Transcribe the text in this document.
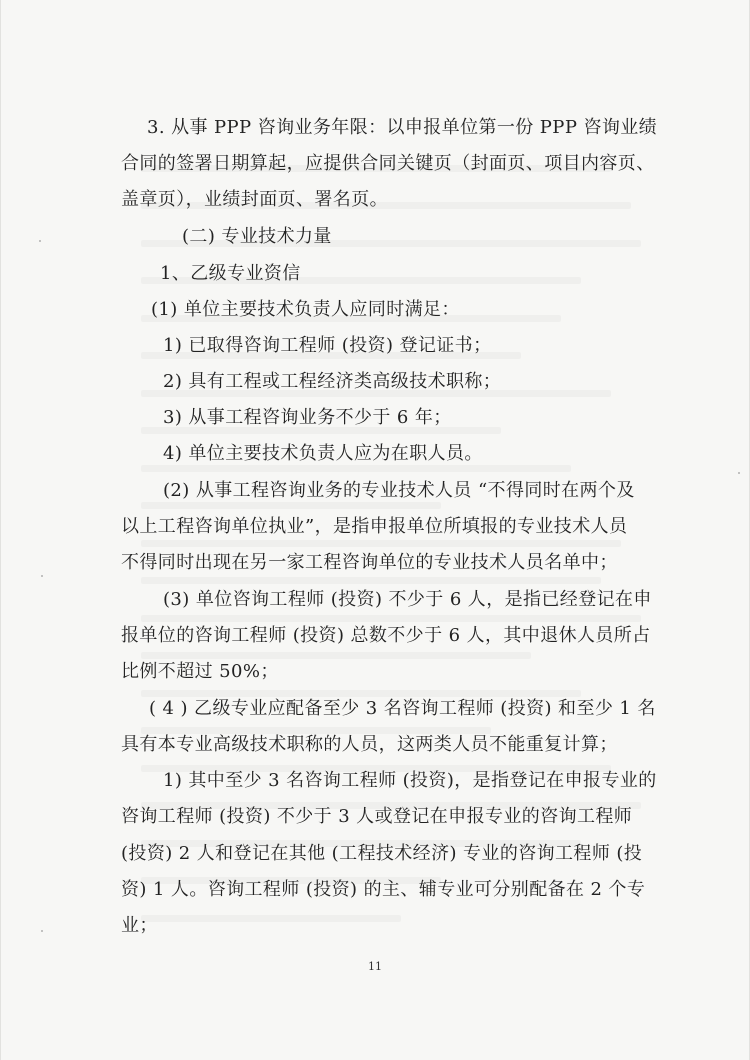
3. 从事 PPP 咨询业务年限：以申报单位第一份 PPP 咨询业绩
合同的签署日期算起，应提供合同关键页（封面页、项目内容页、
盖章页），业绩封面页、署名页。
(二) 专业技术力量
1、乙级专业资信
(1) 单位主要技术负责人应同时满足：
1) 已取得咨询工程师 (投资) 登记证书；
2) 具有工程或工程经济类高级技术职称；
3) 从事工程咨询业务不少于 6 年；
4) 单位主要技术负责人应为在职人员。
(2) 从事工程咨询业务的专业技术人员 “不得同时在两个及
以上工程咨询单位执业”，是指申报单位所填报的专业技术人员
不得同时出现在另一家工程咨询单位的专业技术人员名单中；
(3) 单位咨询工程师 (投资) 不少于 6 人，是指已经登记在申
报单位的咨询工程师 (投资) 总数不少于 6 人，其中退休人员所占
比例不超过 50%；
( 4 ) 乙级专业应配备至少 3 名咨询工程师 (投资) 和至少 1 名
具有本专业高级技术职称的人员，这两类人员不能重复计算；
1) 其中至少 3 名咨询工程师 (投资)，是指登记在申报专业的
咨询工程师 (投资) 不少于 3 人或登记在申报专业的咨询工程师
(投资) 2 人和登记在其他 (工程技术经济) 专业的咨询工程师 (投
资) 1 人。咨询工程师 (投资) 的主、辅专业可分别配备在 2 个专
业；
11
